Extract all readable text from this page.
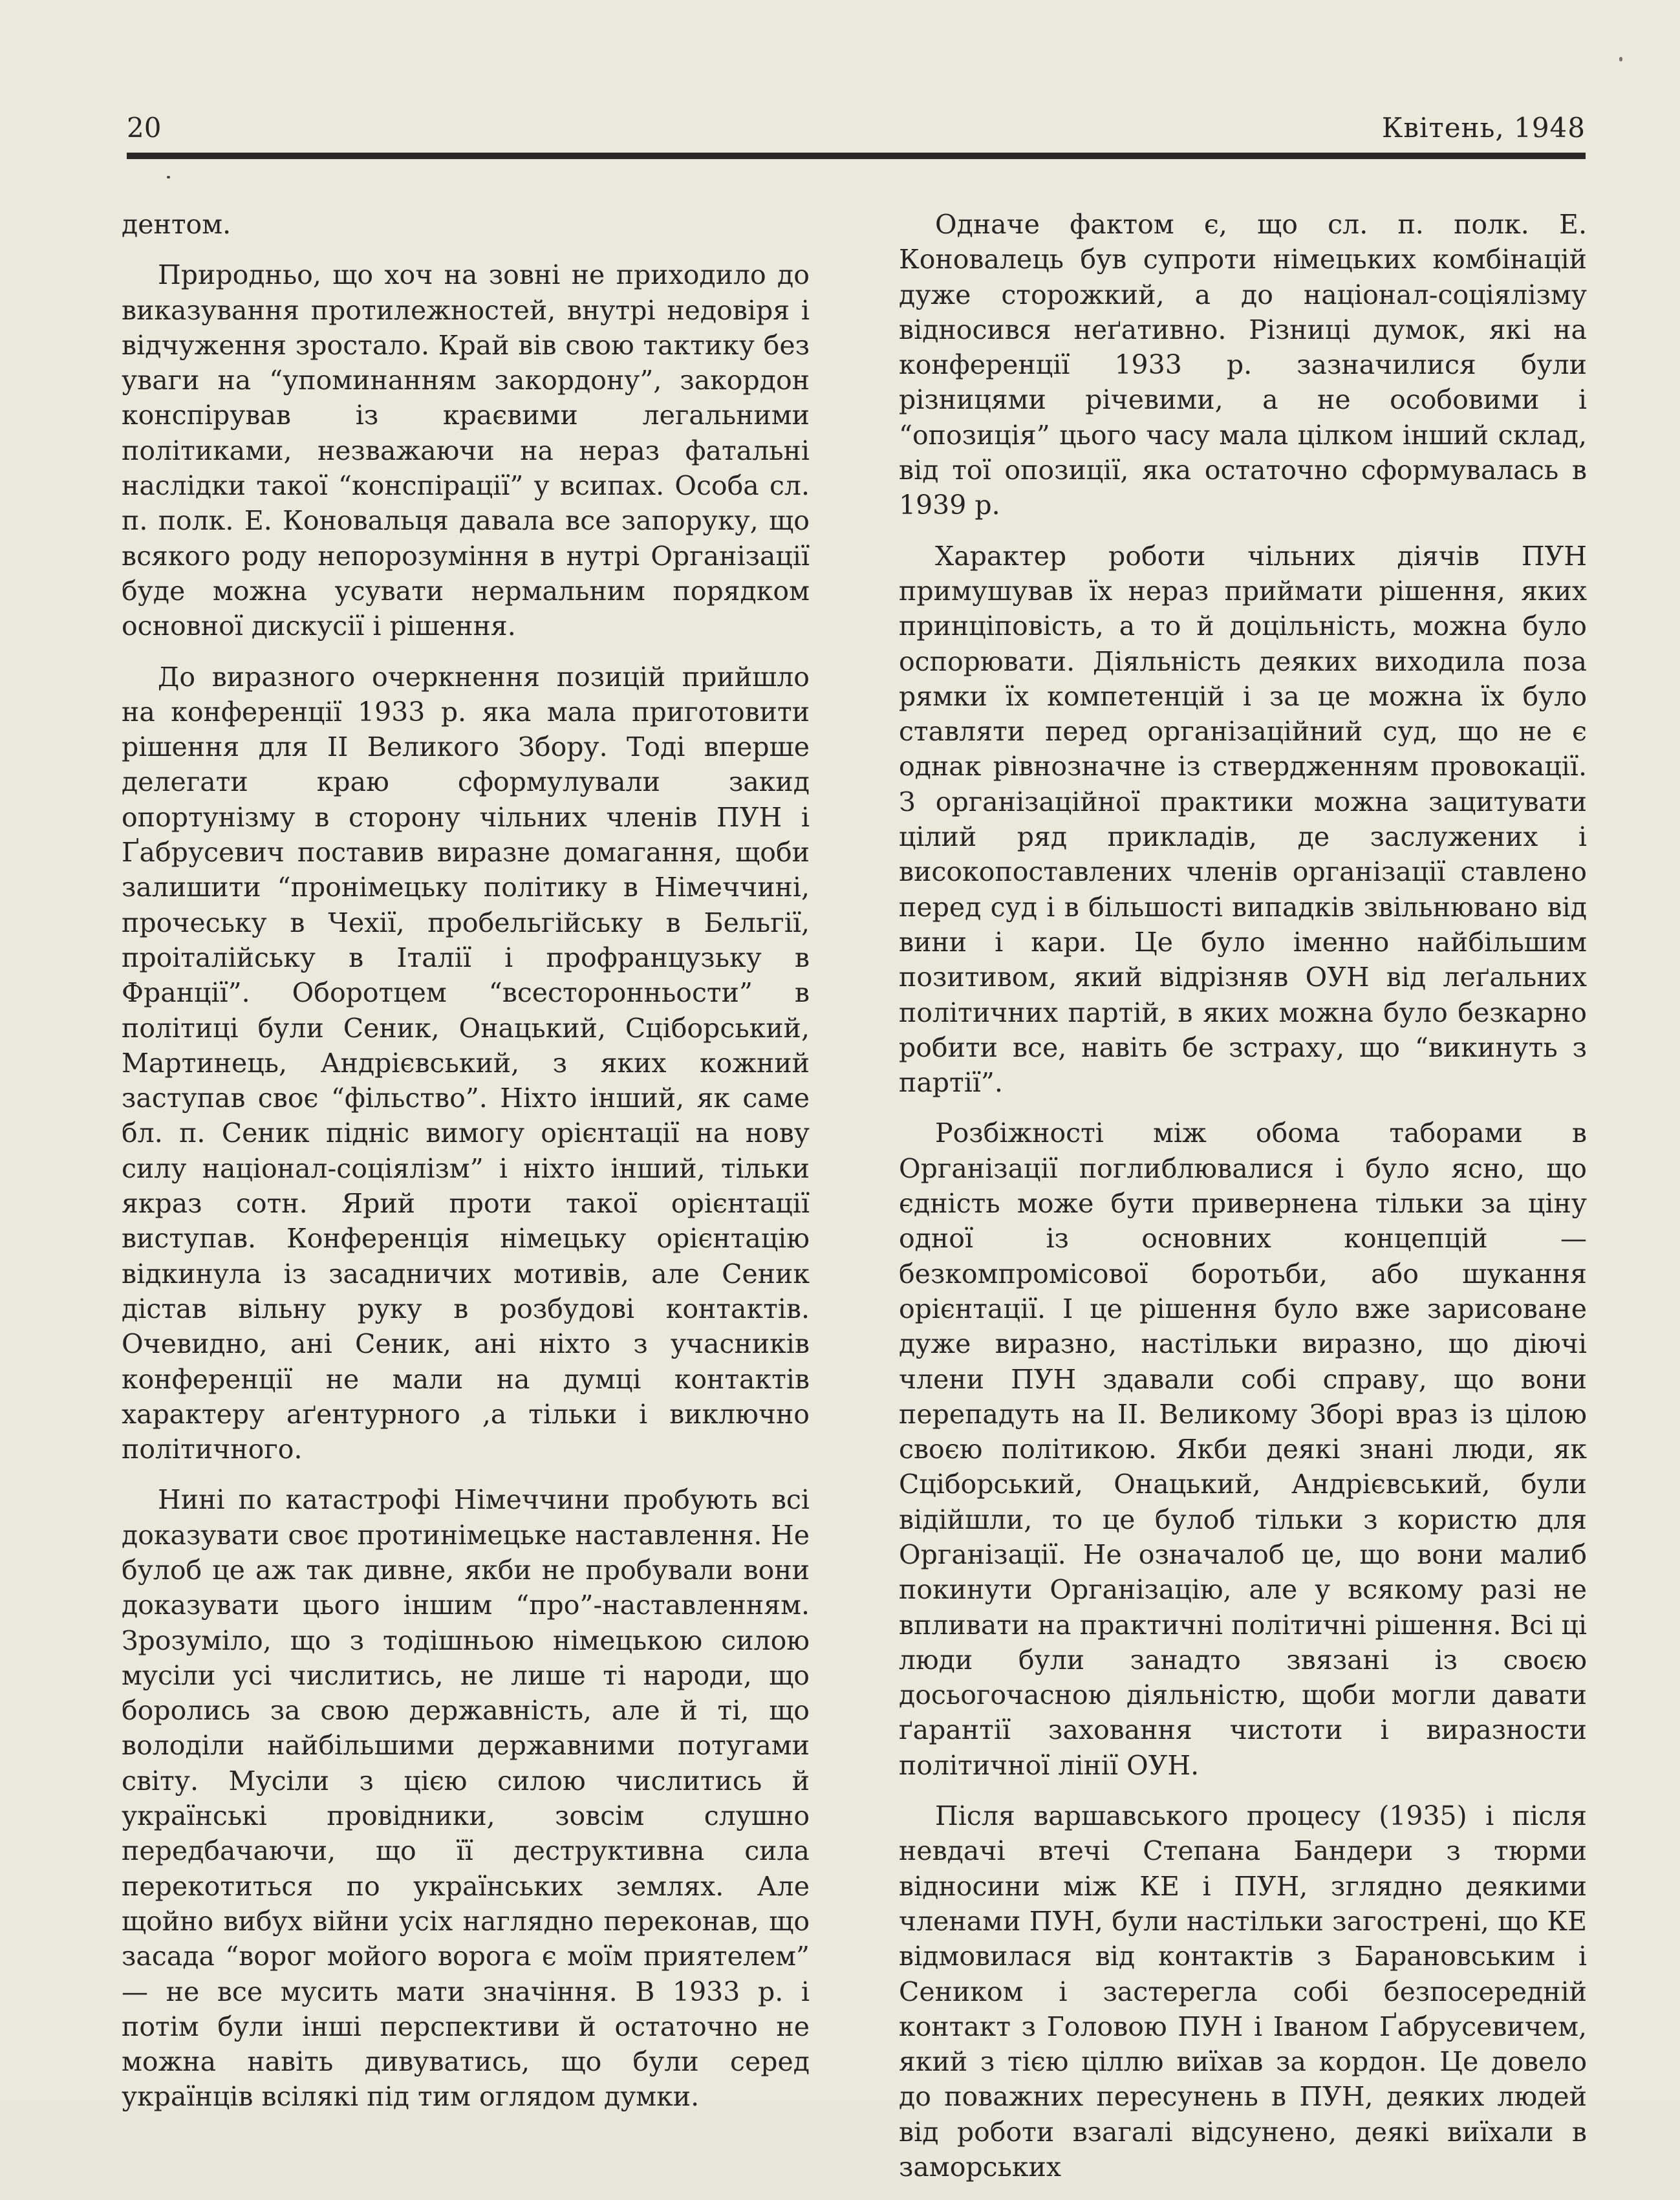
20	Квітень, 1948

дентом.

Природньо, що хоч на зовні не приходило до виказування протилежностей, внутрі недовіря і відчуження зростало. Край вів свою тактику без уваги на “упоминанням закордону”, закордон конспірував із краєвими легальними політиками, незважаючи на нераз фатальні наслідки такої “конспірації” у всипах. Особа сл. п. полк. Е. Коновальця давала все запоруку, що всякого роду непорозуміння в нутрі Організації буде можна усувати нермальним порядком основної дискусії і рішення.

До виразного очеркнення позицій прийшло на конференції 1933 р. яка мала приготовити рішення для II Великого Збору. Тоді вперше делегати краю сформулували закид опортунізму в сторону чільних членів ПУН і Ґабрусевич поставив виразне домагання, щоби залишити “пронімецьку політику в Німеччині, прочеську в Чехії, пробельгійську в Бельгії, проіталійську в Італії і профранцузьку в Франції”. Оборотцем “всесторонньости” в політиці були Сеник, Онацький, Сціборський, Мартинець, Андрієвський, з яких кожний заступав своє “фільство”. Ніхто інший, як саме бл. п. Сеник підніс вимогу орієнтації на нову силу націонал-соціялізм” і ніхто інший, тільки якраз сотн. Ярий проти такої орієнтації виступав. Конференція німецьку орієнтацію відкинула із засадничих мотивів, але Сеник дістав вільну руку в розбудові контактів. Очевидно, ані Сеник, ані ніхто з учасників конференції не мали на думці контактів характеру аґентурного ,а тільки і виключно політичного.

Нині по катастрофі Німеччини пробують всі доказувати своє протинімецьке наставлення. Не булоб це аж так дивне, якби не пробували вони доказувати цього іншим “про”-наставленням. Зрозуміло, що з тодішньою німецькою силою мусіли усі числитись, не лише ті народи, що боролись за свою державність, але й ті, що володіли найбільшими державними потугами світу. Мусіли з цією силою числитись й українські провідники, зовсім слушно передбачаючи, що її деструктивна сила перекотиться по українських землях. Але щойно вибух війни усіх наглядно переконав, що засада “ворог мойого ворога є моїм приятелем” — не все мусить мати значіння. В 1933 р. і потім були інші перспективи й остаточно не можна навіть дивуватись, що були серед українців всілякі під тим оглядом думки.

Одначе фактом є, що сл. п. полк. Е. Коновалець був супроти німецьких комбінацій дуже сторожкий, а до націонал-соціялізму відносився неґативно. Різниці думок, які на конференції 1933 р. зазначилися були різницями річевими, а не особовими і “опозиція” цього часу мала цілком інший склад, від тої опозиції, яка остаточно сформувалась в 1939 р.

Характер роботи чільних діячів ПУН примушував їх нераз приймати рішення, яких принціповість, а то й доцільність, можна було оспорювати. Діяльність деяких виходила поза рямки їх компетенцій і за це можна їх було ставляти перед організаційний суд, що не є однак рівнозначне із ствердженням провокації. З організаційної практики можна зацитувати цілий ряд прикладів, де заслужених і високопоставлених членів організації ставлено перед суд і в більшості випадків звільнювано від вини і кари. Це було іменно найбільшим позитивом, який відрізняв ОУН від леґальних політичних партій, в яких можна було безкарно робити все, навіть бе зстраху, що “викинуть з партії”.

Розбіжності між обома таборами в Організації поглиблювалися і було ясно, що єдність може бути привернена тільки за ціну одної із основних концепцій — безкомпромісової боротьби, або шукання орієнтації. І це рішення було вже зарисоване дуже виразно, настільки виразно, що діючі члени ПУН здавали собі справу, що вони перепадуть на II. Великому Зборі враз із цілою своєю політикою. Якби деякі знані люди, як Сціборський, Онацький, Андрієвський, були відійшли, то це булоб тільки з користю для Організації. Не означалоб це, що вони малиб покинути Організацію, але у всякому разі не впливати на практичні політичні рішення. Всі ці люди були занадто звязані із своєю досьогочасною діяльністю, щоби могли давати ґарантії заховання чистоти і виразности політичної лінії ОУН.

Після варшавського процесу (1935) і після невдачі втечі Степана Бандери з тюрми відносини між КЕ і ПУН, зглядно деякими членами ПУН, були настільки загострені, що КЕ відмовилася від контактів з Барановським і Сеником і застерегла собі безпосередній контакт з Головою ПУН і Іваном Ґабрусевичем, який з тією ціллю виїхав за кордон. Це довело до поважних пересунень в ПУН, деяких людей від роботи взагалі відсунено, деякі виїхали в заморських
